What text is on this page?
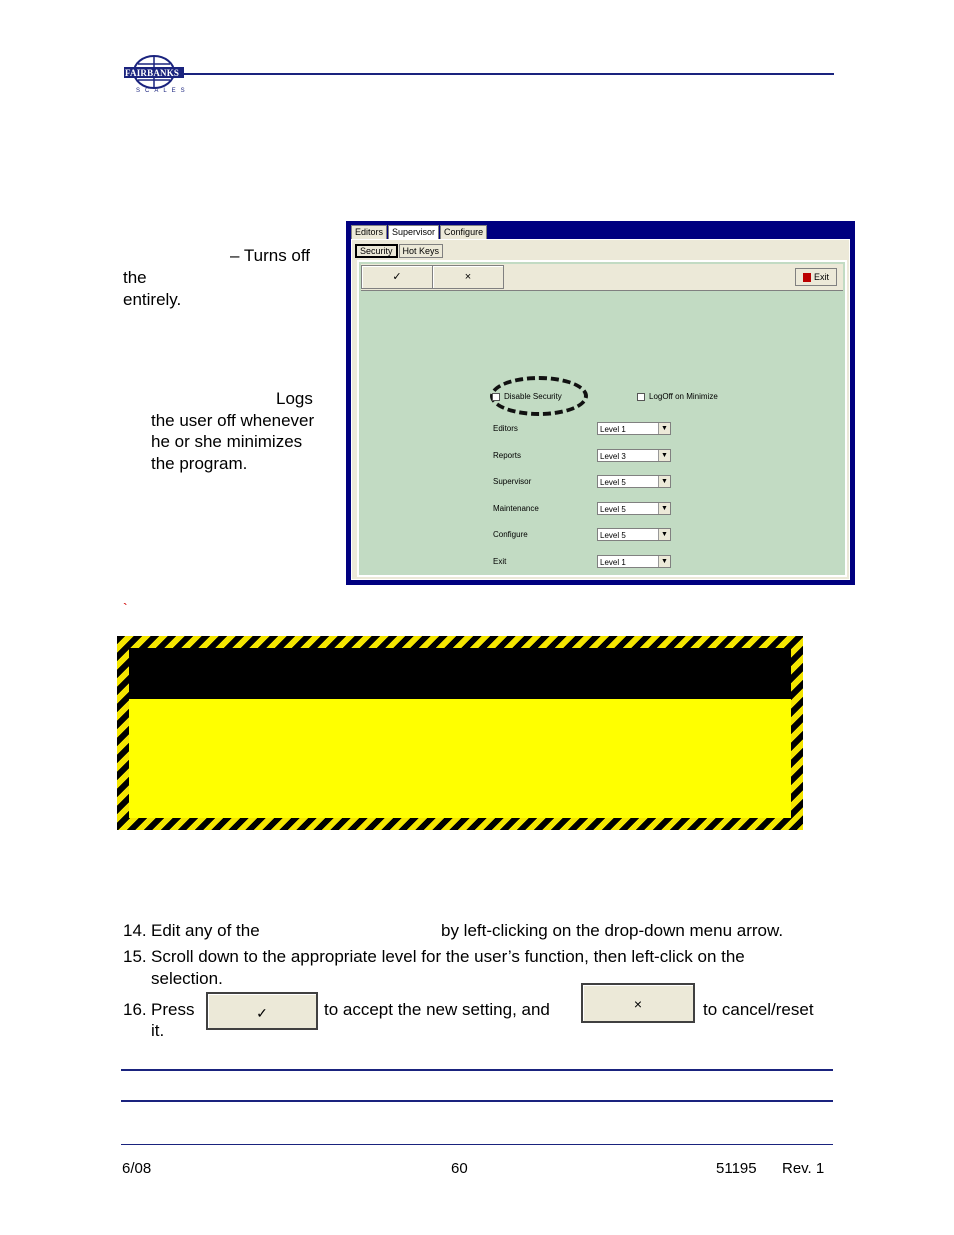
FAIRBANKS
SCALES
– Turns off
the
entirely.
Logs
the user off whenever
he or she minimizes
the program.
Editors	Supervisor	Configure
Security	Hot Keys
✓	×	Exit
Disable Security	LogOff on Minimize
Editors	Level 1	▼
Reports	Level 3	▼
Supervisor	Level 5	▼
Maintenance	Level 5	▼
Configure	Level 5	▼
Exit	Level 1	▼
`
14. Edit any of the	by left-clicking on the drop-down menu arrow.
15. Scroll down to the appropriate level for the user’s function, then left-click on the
selection.
16. Press	✓	to accept the new setting, and	×	to cancel/reset
it.
6/08	60	51195 Rev. 1
